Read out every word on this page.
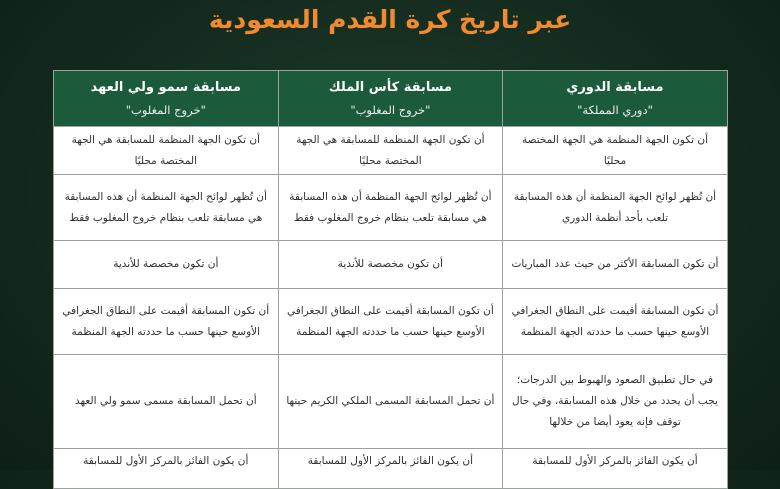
عبر تاريخ كرة القدم السعودية
مسابقة الدوري
"دوري المملكة"	مسابقة كأس الملك
"خروج المغلوب"	مسابقة سمو ولي العهد
"خروج المغلوب"

أن تكون الجهة المنظمة هي الجهة المختصة محليًا	أن تكون الجهة المنظمة للمسابقة هي الجهة المختصة محليًا	أن تكون الجهة المنظمة للمسابقة هي الجهة المختصة محليًا
أن تُظهر لوائح الجهة المنظمة أن هذه المسابقة تلعب بأحد أنظمة الدوري	أن تُظهر لوائح الجهة المنظمة أن هذه المسابقة هي مسابقة تلعب بنظام خروج المغلوب فقط	أن تُظهر لوائح الجهة المنظمة أن هذه المسابقة هي مسابقة تلعب بنظام خروج المغلوب فقط
أن تكون المسابقة الأكثر من حيث عدد المباريات	أن تكون مخصصة للأندية	أن تكون مخصصة للأندية
أن تكون المسابقة أقيمت على النطاق الجغرافي الأوسع حينها حسب ما حددته الجهة المنظمة	أن تكون المسابقة أقيمت على النطاق الجغرافي الأوسع حينها حسب ما حددته الجهة المنظمة	أن تكون المسابقة أقيمت على النطاق الجغرافي الأوسع حينها حسب ما حددته الجهة المنظمة
في حال تطبيق الصعود والهبوط بين الدرجات؛ يجب أن يحدد من خلال هذه المسابقة، وفي حال توقف فإنه يعود أيضا من خلالها	أن تحمل المسابقة المسمى الملكي الكريم حينها	أن تحمل المسابقة مسمى سمو ولي العهد
أن يكون الفائز بالمركز الأول للمسابقة	أن يكون الفائز بالمركز الأول للمسابقة	أن يكون الفائز بالمركز الأول للمسابقة
